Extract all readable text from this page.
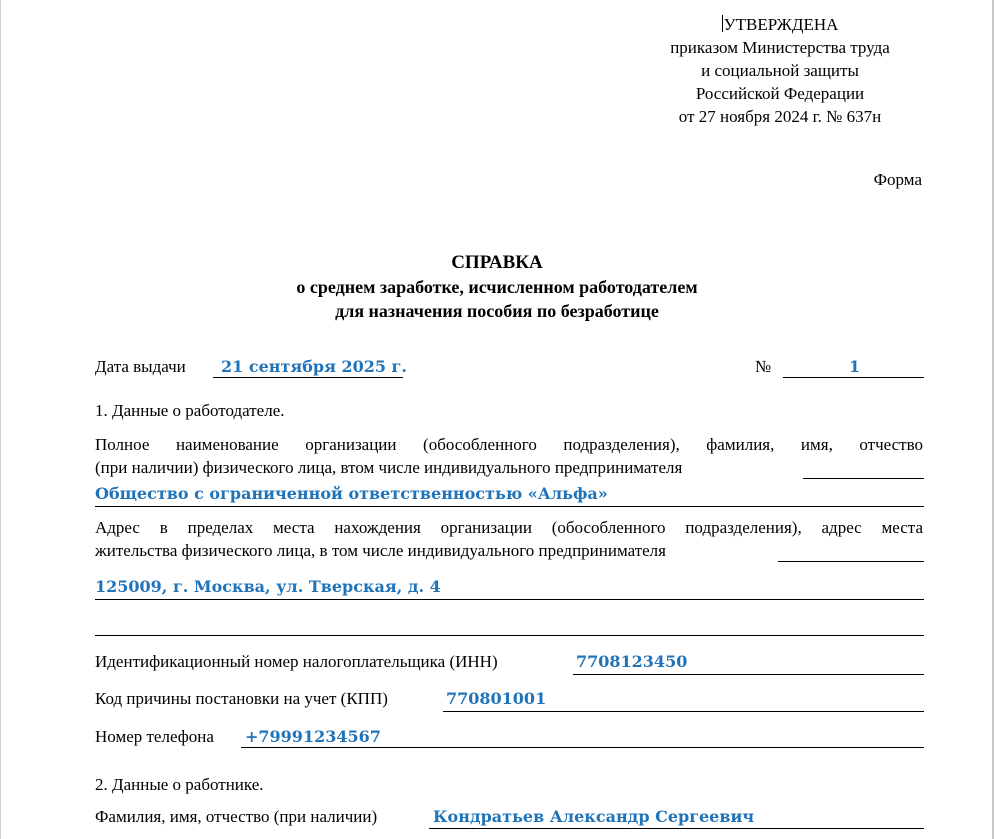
УТВЕРЖДЕНА
приказом Министерства труда
и социальной защиты
Российской Федерации
от 27 ноября 2024 г. № 637н
Форма
СПРАВКА
о среднем заработке, исчисленном работодателем
для назначения пособия по безработице
Дата выдачи 21 сентября 2025 г.	№	1
1. Данные о работодателе.
Полное наименование организации (обособленного подразделения), фамилия, имя, отчество
(при наличии) физического лица, втом числе индивидуального предпринимателя
Общество с ограниченной ответственностью «Альфа»
Адрес в пределах места нахождения организации (обособленного подразделения), адрес места
жительства физического лица, в том числе индивидуального предпринимателя
125009, г. Москва, ул. Тверская, д. 4
Идентификационный номер налогоплательщика (ИНН)	7708123450
Код причины постановки на учет (КПП)	770801001
Номер телефона +79991234567
2. Данные о работнике.
Фамилия, имя, отчество (при наличии)	Кондратьев Александр Сергеевич
